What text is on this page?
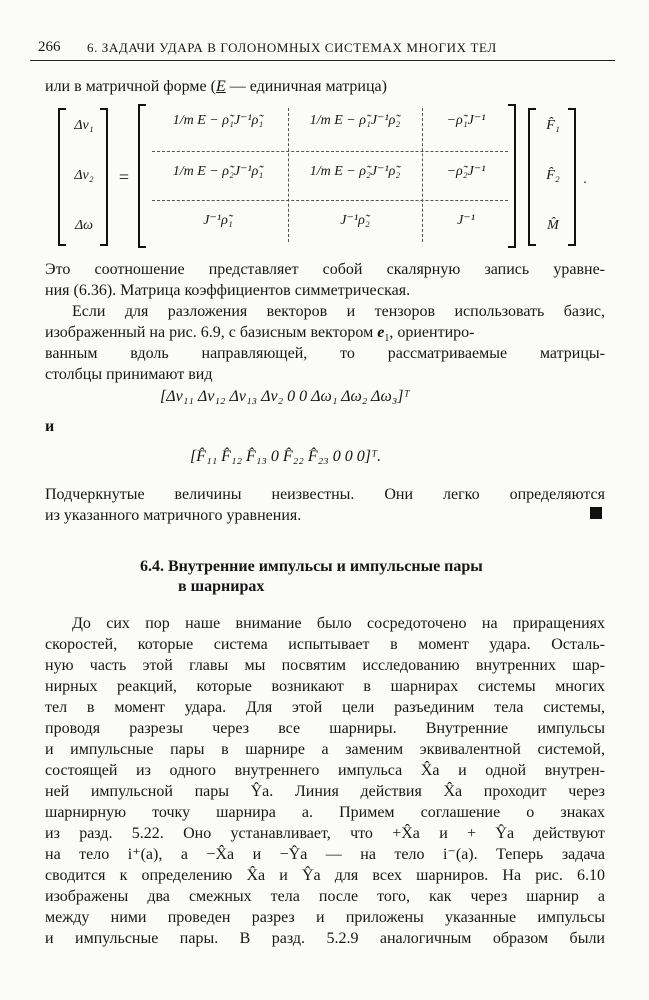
266 6. ЗАДАЧИ УДАРА В ГОЛОНОМНЫХ СИСТЕМАХ МНОГИХ ТЕЛ
или в матричной форме (E — единичная матрица)
Δv₁
Δv₂
Δω
=
1/m E − ρ̃₁J⁻¹ρ̃₁	1/m E − ρ̃₁J⁻¹ρ̃₂	−ρ̃₁J⁻¹
1/m E − ρ̃₂J⁻¹ρ̃₁	1/m E − ρ̃₂J⁻¹ρ̃₂	−ρ̃₂J⁻¹
J⁻¹ρ̃₁	J⁻¹ρ̃₂	J⁻¹
F̂₁
F̂₂
M̂
.
Это соотношение представляет собой скалярную запись уравне-
ния (6.36). Матрица коэффициентов симметрическая.
Если для разложения векторов и тензоров использовать базис,
изображенный на рис. 6.9, с базисным вектором $e_1$, ориентиро-
ванным вдоль направляющей, то рассматриваемые матрицы-
столбцы принимают вид
[Δv₁₁ Δv₁₂ Δv₁₃ Δv₂ 0 0 Δω₁ Δω₂ Δω₃]ᵀ
и
[F̂₁₁ F̂₁₂ F̂₁₃ 0 F̂₂₂ F̂₂₃ 0 0 0]ᵀ.
Подчеркнутые величины неизвестны. Они легко определяются
из указанного матричного уравнения.
6.4. Внутренние импульсы и импульсные пары
в шарнирах
До сих пор наше внимание было сосредоточено на приращениях
скоростей, которые система испытывает в момент удара. Осталь-
ную часть этой главы мы посвятим исследованию внутренних шар-
нирных реакций, которые возникают в шарнирах системы многих
тел в момент удара. Для этой цели разъединим тела системы,
проводя разрезы через все шарниры. Внутренние импульсы
и импульсные пары в шарнире a заменим эквивалентной системой,
состоящей из одного внутреннего импульса X̂a и одной внутрен-
ней импульсной пары Ŷa. Линия действия X̂a проходит через
шарнирную точку шарнира a. Примем соглашение о знаках
из разд. 5.22. Оно устанавливает, что +X̂a и + Ŷa действуют
на тело i⁺(a), а −X̂a и −Ŷa — на тело i⁻(a). Теперь задача
сводится к определению X̂a и Ŷa для всех шарниров. На рис. 6.10
изображены два смежных тела после того, как через шарнир a
между ними проведен разрез и приложены указанные импульсы
и импульсные пары. В разд. 5.2.9 аналогичным образом были
